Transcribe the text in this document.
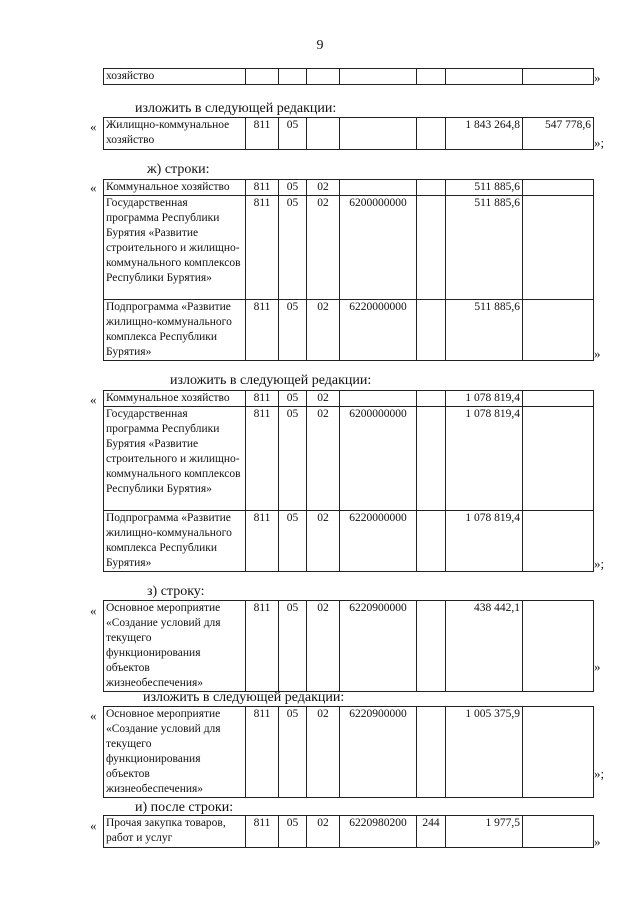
9
хозяйство								»
изложить в следующей редакции:
« Жилищно-коммунальное хозяйство	811	05				1 843 264,8	547 778,6
»;
ж) строки:
« Коммунальное хозяйство	811	05	02			511 885,6	
Государственная программа Республики Бурятия «Развитие строительного и жилищно-коммунального комплексов Республики Бурятия»	811	05	02	6200000000		511 885,6	
Подпрограмма «Развитие жилищно-коммунального комплекса Республики Бурятия»	811	05	02	6220000000		511 885,6	
»
изложить в следующей редакции:
« Коммунальное хозяйство	811	05	02			1 078 819,4	
Государственная программа Республики Бурятия «Развитие строительного и жилищно-коммунального комплексов Республики Бурятия»	811	05	02	6200000000		1 078 819,4	
Подпрограмма «Развитие жилищно-коммунального комплекса Республики Бурятия»	811	05	02	6220000000		1 078 819,4	
»;
з) строку:
« Основное мероприятие «Создание условий для текущего функционирования объектов жизнеобеспечения»	811	05	02	6220900000		438 442,1	
»
изложить в следующей редакции:
« Основное мероприятие «Создание условий для текущего функционирования объектов жизнеобеспечения»	811	05	02	6220900000		1 005 375,9	
»;
и) после строки:
« Прочая закупка товаров, работ и услуг	811	05	02	6220980200	244	1 977,5	
»
